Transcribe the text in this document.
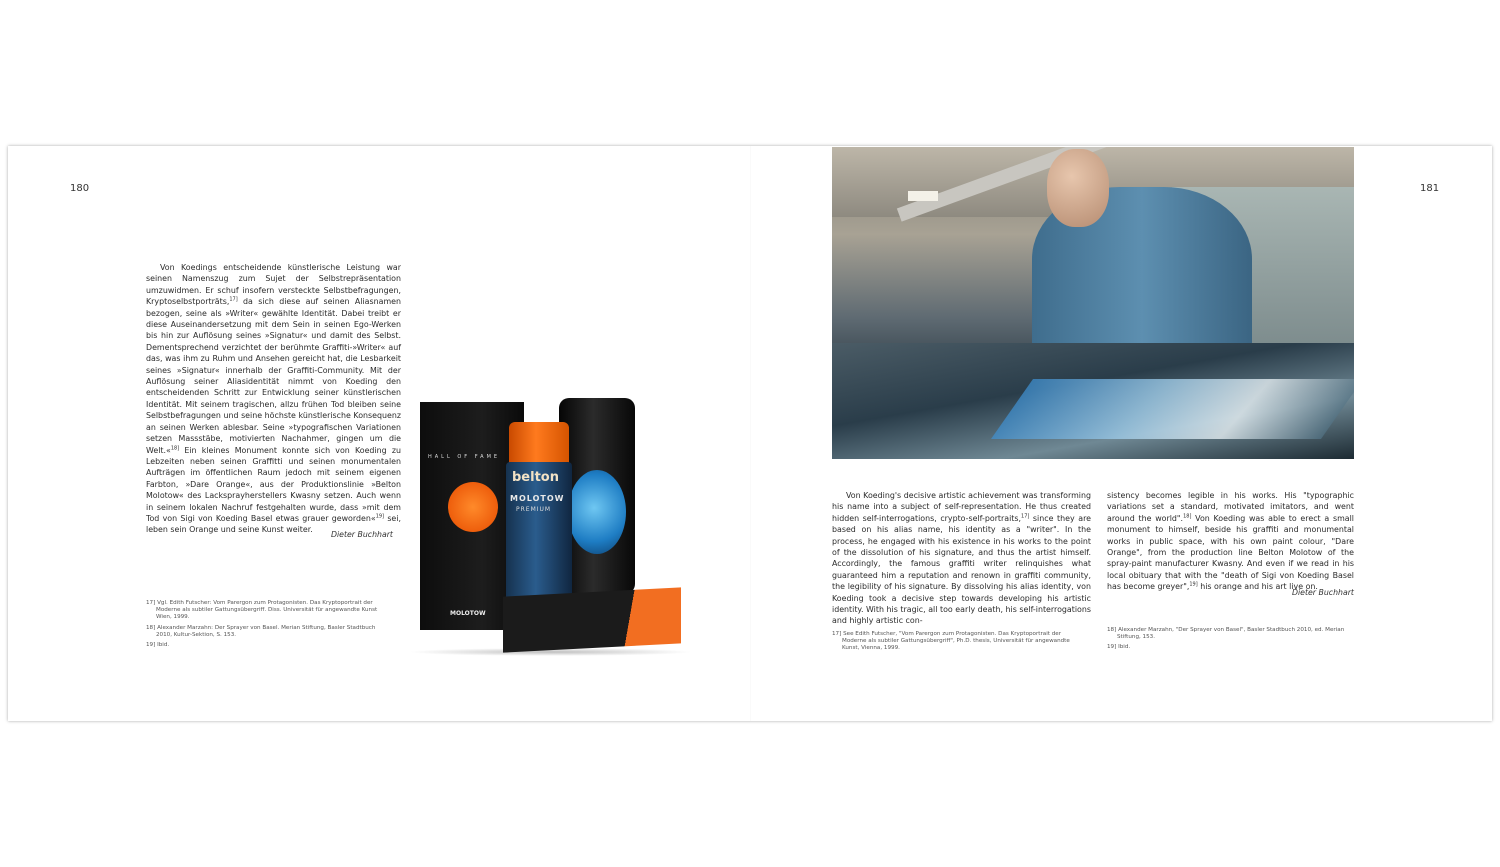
180

Von Koedings entscheidende künstlerische Leistung war seinen Namenszug zum Sujet der Selbstrepräsentation umzuwidmen. Er schuf insofern versteckte Selbstbefragungen, Kryptoselbstporträts,$^{17]}$ da sich diese auf seinen Aliasnamen bezogen, seine als »Writer« gewählte Identität. Dabei treibt er diese Auseinandersetzung mit dem Sein in seinen Ego-Werken bis hin zur Auflösung seines »Signatur« und damit des Selbst. Dementsprechend verzichtet der berühmte Graffiti-»Writer« auf das, was ihm zu Ruhm und Ansehen gereicht hat, die Lesbarkeit seines »Signatur« innerhalb der Graffiti-Community. Mit der Auflösung seiner Aliasidentität nimmt von Koeding den entscheidenden Schritt zur Entwicklung seiner künstlerischen Identität. Mit seinem tragischen, allzu frühen Tod bleiben seine Selbstbefragungen und seine höchste künstlerische Konsequenz an seinen Werken ablesbar. Seine »typografischen Variationen setzen Massstäbe, motivierten Nachahmer, gingen um die Welt.«$^{18]}$ Ein kleines Monument konnte sich von Koeding zu Lebzeiten neben seinen Graffitti und seinen monumentalen Aufträgen im öffentlichen Raum jedoch mit seinem eigenen Farbton, »Dare Orange«, aus der Produktionslinie »Belton Molotow« des Lacksprayherstellers Kwasny setzen. Auch wenn in seinem lokalen Nachruf festgehalten wurde, dass »mit dem Tod von Sigi von Koeding Basel etwas grauer geworden«$^{19]}$ sei, leben sein Orange und seine Kunst weiter.

Dieter Buchhart

17] Vgl. Edith Futscher: Vom Parergon zum Protagonisten. Das Kryptoportrait der Moderne als subtiler Gattungsübergriff. Diss. Universität für angewandte Kunst Wien, 1999.

18] Alexander Marzahn: Der Sprayer von Basel. Merian Stiftung, Basler Stadtbuch 2010, Kultur-Sektion, S. 153.

19] Ibid.

HALL OF FAME
MOLOTOW
belton
MOLOTOW
PREMIUM
181

Von Koeding's decisive artistic achievement was transforming his name into a subject of self-representation. He thus created hidden self-interrogations, crypto-self-portraits,$^{17]}$ since they are based on his alias name, his identity as a "writer". In the process, he engaged with his existence in his works to the point of the dissolution of his signature, and thus the artist himself. Accordingly, the famous graffiti writer relinquishes what guaranteed him a reputation and renown in graffiti community, the legibility of his signature. By dissolving his alias identity, von Koeding took a decisive step towards developing his artistic identity. With his tragic, all too early death, his self-interrogations and highly artistic con-

sistency becomes legible in his works. His "typographic variations set a standard, motivated imitators, and went around the world".$^{18]}$ Von Koeding was able to erect a small monument to himself, beside his graffiti and monumental works in public space, with his own paint colour, "Dare Orange", from the production line Belton Molotow of the spray-paint manufacturer Kwasny. And even if we read in his local obituary that with the "death of Sigi von Koeding Basel has become greyer",$^{19]}$ his orange and his art live on.

Dieter Buchhart

17] See Edith Futscher, "Vom Parergon zum Protagonisten. Das Kryptoportrait der Moderne als subtiler Gattungsübergriff", Ph.D. thesis, Universität für angewandte Kunst, Vienna, 1999.

18] Alexander Marzahn, "Der Sprayer von Basel", Basler Stadtbuch 2010, ed. Merian Stiftung, 153.

19] Ibid.
